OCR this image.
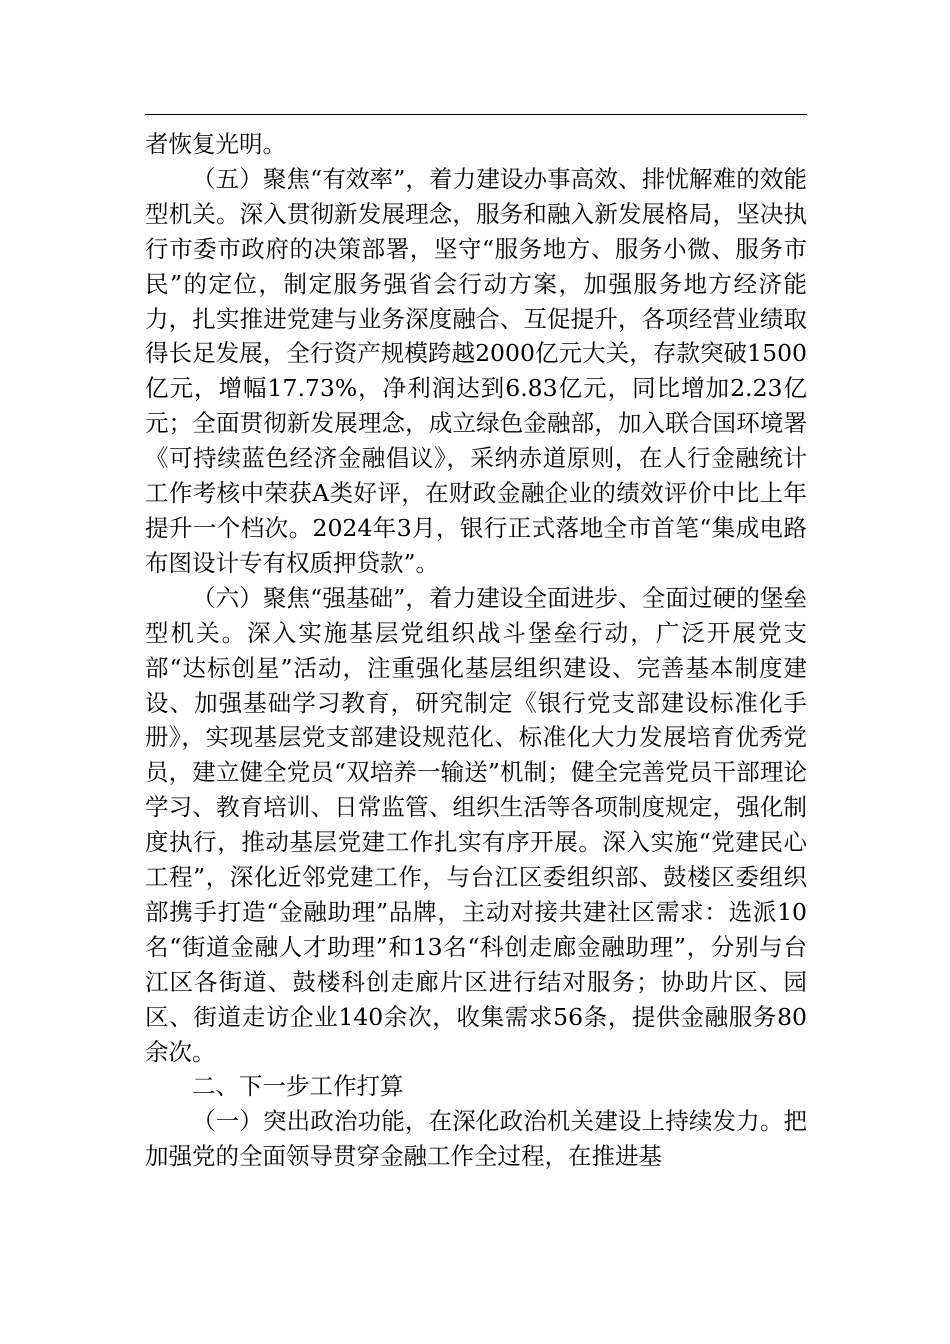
者恢复光明。

（五）聚焦“有效率”，着力建设办事高效、排忧解难的效能型机关。深入贯彻新发展理念，服务和融入新发展格局，坚决执行市委市政府的决策部署，坚守“服务地方、服务小微、服务市民”的定位，制定服务强省会行动方案，加强服务地方经济能力，扎实推进党建与业务深度融合、互促提升，各项经营业绩取得长足发展，全行资产规模跨越2000亿元大关，存款突破1500亿元，增幅17.73%，净利润达到6.83亿元，同比增加2.23亿元；全面贯彻新发展理念，成立绿色金融部，加入联合国环境署《可持续蓝色经济金融倡议》，采纳赤道原则，在人行金融统计工作考核中荣获A类好评，在财政金融企业的绩效评价中比上年提升一个档次。2024年3月，银行正式落地全市首笔“集成电路布图设计专有权质押贷款”。

（六）聚焦“强基础”，着力建设全面进步、全面过硬的堡垒型机关。深入实施基层党组织战斗堡垒行动，广泛开展党支部“达标创星”活动，注重强化基层组织建设、完善基本制度建设、加强基础学习教育，研究制定《银行党支部建设标准化手册》，实现基层党支部建设规范化、标准化大力发展培育优秀党员，建立健全党员“双培养一输送”机制；健全完善党员干部理论学习、教育培训、日常监管、组织生活等各项制度规定，强化制度执行，推动基层党建工作扎实有序开展。深入实施“党建民心工程”，深化近邻党建工作，与台江区委组织部、鼓楼区委组织部携手打造“金融助理”品牌，主动对接共建社区需求：选派10名“街道金融人才助理”和13名“科创走廊金融助理”，分别与台江区各街道、鼓楼科创走廊片区进行结对服务；协助片区、园区、街道走访企业140余次，收集需求56条，提供金融服务80余次。

二、下一步工作打算

（一）突出政治功能，在深化政治机关建设上持续发力。把加强党的全面领导贯穿金融工作全过程，在推进基
